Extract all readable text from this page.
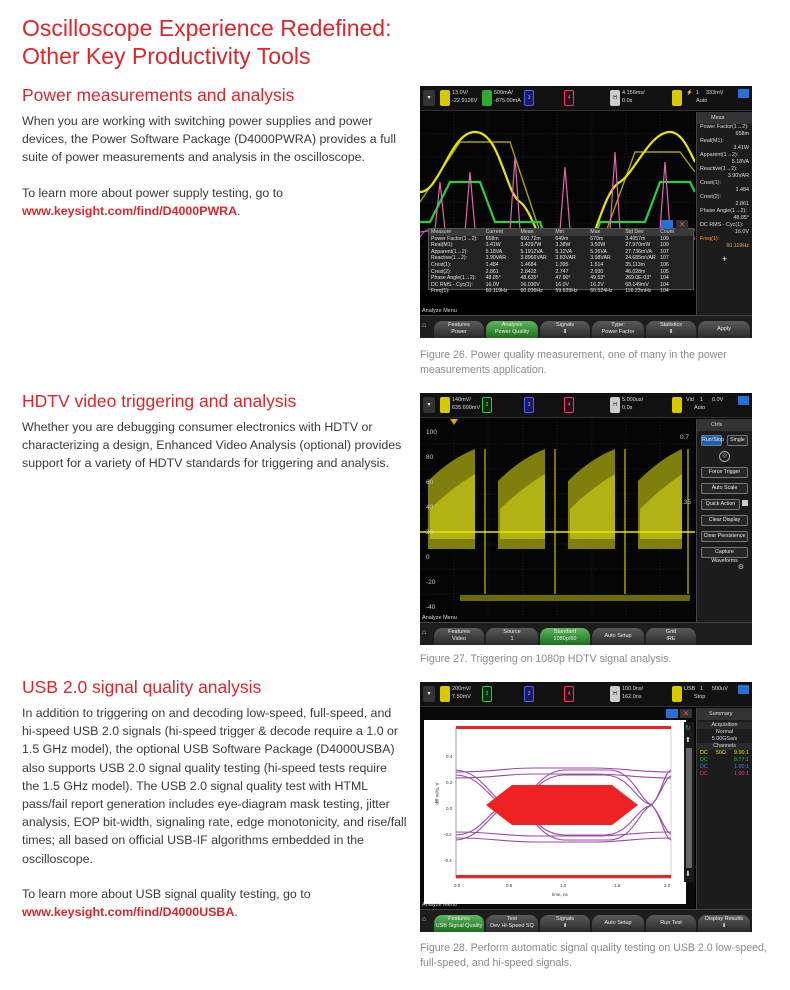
Oscilloscope Experience Redefined:
Other Key Productivity Tools
Power measurements and analysis

When you are working with switching power supplies and power devices, the Power Software Package (D4000PWRA) provides a full suite of power measurements and analysis in the oscilloscope.

To learn more about power supply testing, go to
www.keysight.com/find/D4000PWRA.

▾
13.0V/
-22.9126V
500mA/
-875.00mA	3	4	H
4.156ms/
0.0s
⚡ 1 333mV
Auto
Measure	Current	Mean	Min	Max	Std Dev	Count
Power Factor(1→2):	658m	660.72m	649m	670m	3.4957m	109
Real(M1):	3.41W	3.4297W	3.38W	3.50W	27.970mW	109
Apparent(1→2):	5.18VA	5.1912VA	5.12VA	5.26VA	27.736mVA	107
Reactive(1→2):	3.90VAR	3.8966VAR	3.83VAR	3.98VAR	24.685mVAR 107
Crest(1):	1.484	1.4684	1.395	1.514	35.113m	106
Crest(2):	2.861	2.8422	2.747	2.930	46.028m	105
Phase Angle(1→2):	48.85°	48.635°	47.90°	49.53°	269.0E-03°	104
DC RMS - Cyc(1):	16.0V	16.030V	16.0V	16.2V	68.149mV	104
Freq(1):	60.119Hz	60.036Hz	59.639Hz	60.524Hz	116.23mHz	104
✕
Meas
Power Factor(1→2):
658m
Real(M1):
3.41W
Apparent(1→2):
5.18VA
Reactive(1→2):
3.90VAR
Crest(1):
1.484
Crest(2):
2.861
Phase Angle(1→2):
48.85°
DC RMS - Cyc(1):
16.0V
Freq(1):
60.119Hz
+
Analyze Menu
⌂	Features
Power
Analysis
Power Quality
Signals
⬇
Type:
Power Factor
Statistics
⬇	Apply
Figure 26. Power quality measurement, one of many in the power measurements application.
HDTV video triggering and analysis

Whether you are debugging consumer electronics with HDTV or characterizing a design, Enhanced Video Analysis (optional) provides support for a variety of HDTV standards for triggering and analysis.

▾
140mV/
635.600mV	2	3	4	H
5.000us/
0.0s
Vid 1 0.0V
Auto
100
80
60
40
20
0
-20
-40
0.7
.35
Ctrls
Run/Stop	Single
◎
Force Trigger
Auto Scale
Quick Action
Clear Display
Clear Persistence
Capture Waveforms
⚙
Analyze Menu
⌂	Features
Video
Source
1
Standard
1080p/60	Auto Setup
Grid
IRE
Figure 27. Triggering on 1080p HDTV signal analysis.
USB 2.0 signal quality analysis

In addition to triggering on and decoding low-speed, full-speed, and hi-speed USB 2.0 signals (hi-speed trigger & decode require a 1.0 or 1.5 GHz model), the optional USB Software Package (D4000USBA) also supports USB 2.0 signal quality testing (hi-speed tests require the 1.5 GHz model). The USB 2.0 signal quality test with HTML pass/fail report generation includes eye-diagram mask testing, jitter analysis, EOP bit-width, signaling rate, edge monotonicity, and rise/fall times; all based on official USB-IF algorithms embedded in the oscilloscope.

To learn more about USB signal quality testing, go to
www.keysight.com/find/D4000USBA.

▾
200mV/
7.50mV	2	3	4	H
100.0ns/
162.0ns
USB 1 500uV
Stop
✕
diff volts, V
0.4
0.2
0.0
-0.2
-0.4
0.0	0.5	1.0	1.5	2.0
time, ns
↻
⬆
⬇
Summary
Acquisition
Normal
5.00GSa/s
Channels
DC 50Ω 9.90:1
DC	8.77:1
DC	1.00:1
DC	1.00:1
Analyze Menu
⌂	Features
USB Signal Quality
Test
Dev Hi-Speed SQ
Signals
⬇	Auto Setup	Run Test
Display Results
⬇
Figure 28. Perform automatic signal quality testing on USB 2.0 low-speed, full-speed, and hi-speed signals.
